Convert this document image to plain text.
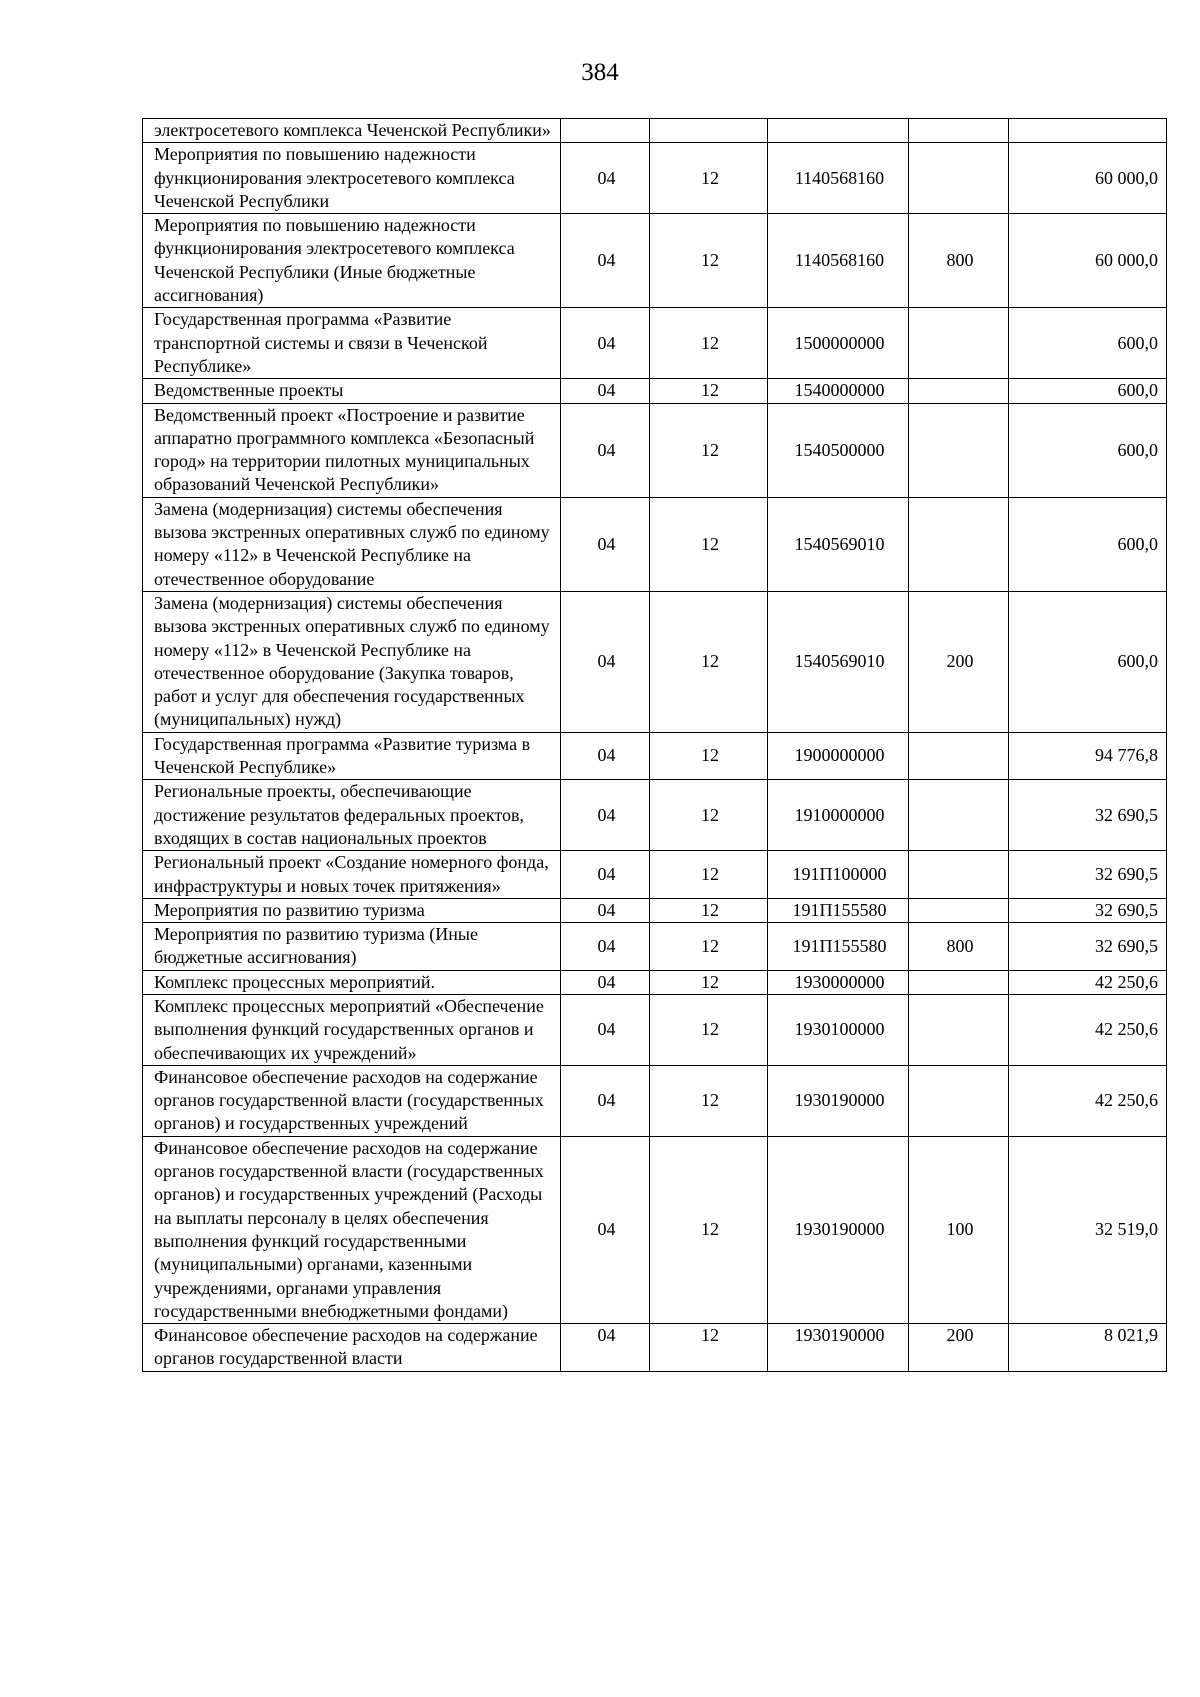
384
электросетевого комплекса Чеченской Республики»					
Мероприятия по повышению надежности функционирования электросетевого комплекса Чеченской Республики	04	12	1140568160		60 000,0
Мероприятия по повышению надежности функционирования электросетевого комплекса Чеченской Республики (Иные бюджетные ассигнования)	04	12	1140568160	800	60 000,0
Государственная программа «Развитие транспортной системы и связи в Чеченской Республике»	04	12	1500000000		600,0
Ведомственные проекты	04	12	1540000000		600,0
Ведомственный проект «Построение и развитие аппаратно программного комплекса «Безопасный город» на территории пилотных муниципальных образований Чеченской Республики»	04	12	1540500000		600,0
Замена (модернизация) системы обеспечения вызова экстренных оперативных служб по единому номеру «112» в Чеченской Республике на отечественное оборудование	04	12	1540569010		600,0
Замена (модернизация) системы обеспечения вызова экстренных оперативных служб по единому номеру «112» в Чеченской Республике на отечественное оборудование (Закупка товаров, работ и услуг для обеспечения государственных (муниципальных) нужд)	04	12	1540569010	200	600,0
Государственная программа «Развитие туризма в Чеченской Республике»	04	12	1900000000		94 776,8
Региональные проекты, обеспечивающие достижение результатов федеральных проектов, входящих в состав национальных проектов	04	12	1910000000		32 690,5
Региональный проект «Создание номерного фонда, инфраструктуры и новых точек притяжения»	04	12	191П100000		32 690,5
Мероприятия по развитию туризма	04	12	191П155580		32 690,5
Мероприятия по развитию туризма (Иные бюджетные ассигнования)	04	12	191П155580	800	32 690,5
Комплекс процессных мероприятий.	04	12	1930000000		42 250,6
Комплекс процессных мероприятий «Обеспечение выполнения функций государственных органов и обеспечивающих их учреждений»	04	12	1930100000		42 250,6
Финансовое обеспечение расходов на содержание органов государственной власти (государственных органов) и государственных учреждений	04	12	1930190000		42 250,6
Финансовое обеспечение расходов на содержание органов государственной власти (государственных органов) и государственных учреждений (Расходы на выплаты персоналу в целях обеспечения выполнения функций государственными (муниципальными) органами, казенными учреждениями, органами управления государственными внебюджетными фондами)	04	12	1930190000	100	32 519,0
Финансовое обеспечение расходов на содержание органов государственной власти	04	12	1930190000	200	8 021,9
